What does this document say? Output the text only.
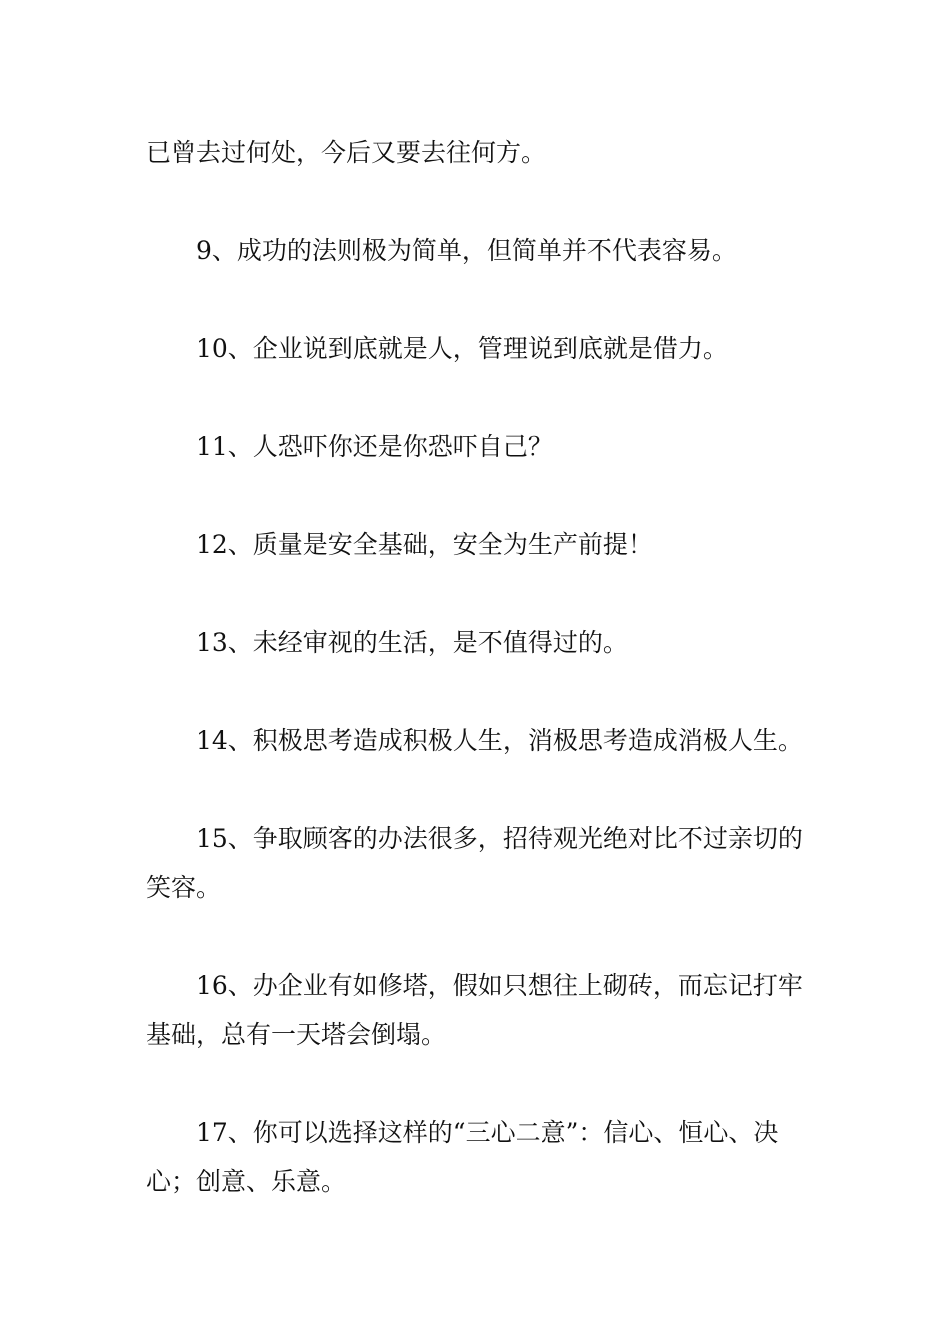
已曾去过何处，今后又要去往何方。

9、成功的法则极为简单，但简单并不代表容易。

10、企业说到底就是人，管理说到底就是借力。

11、人恐吓你还是你恐吓自己？

12、质量是安全基础，安全为生产前提！

13、未经审视的生活，是不值得过的。

14、积极思考造成积极人生，消极思考造成消极人生。

15、争取顾客的办法很多，招待观光绝对比不过亲切的笑容。

16、办企业有如修塔，假如只想往上砌砖，而忘记打牢基础，总有一天塔会倒塌。

17、你可以选择这样的“三心二意”：信心、恒心、决心；创意、乐意。
